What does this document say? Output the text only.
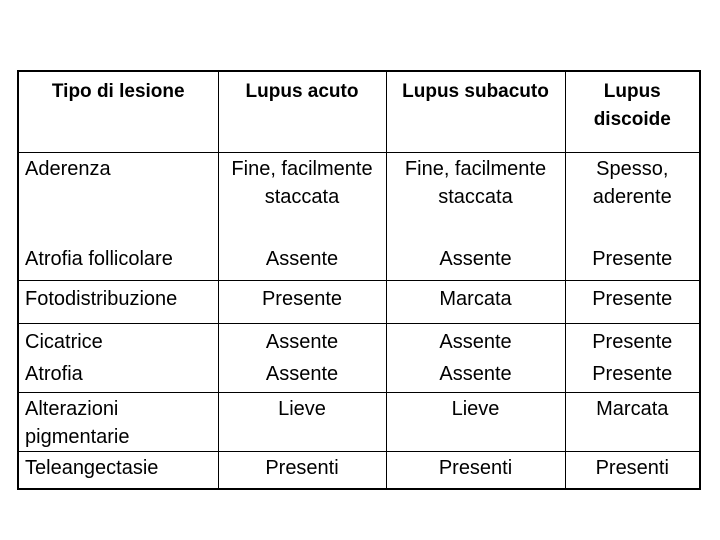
Tipo di lesione	Lupus acuto	Lupus subacuto	Lupus discoide
Aderenza	Fine, facilmente staccata	Fine, facilmente staccata	Spesso, aderente
Atrofia follicolare	Assente	Assente	Presente
Fotodistribuzione	Presente	Marcata	Presente
Cicatrice	Assente	Assente	Presente
Atrofia	Assente	Assente	Presente
Alterazioni pigmentarie	Lieve	Lieve	Marcata
Teleangectasie	Presenti	Presenti	Presenti
